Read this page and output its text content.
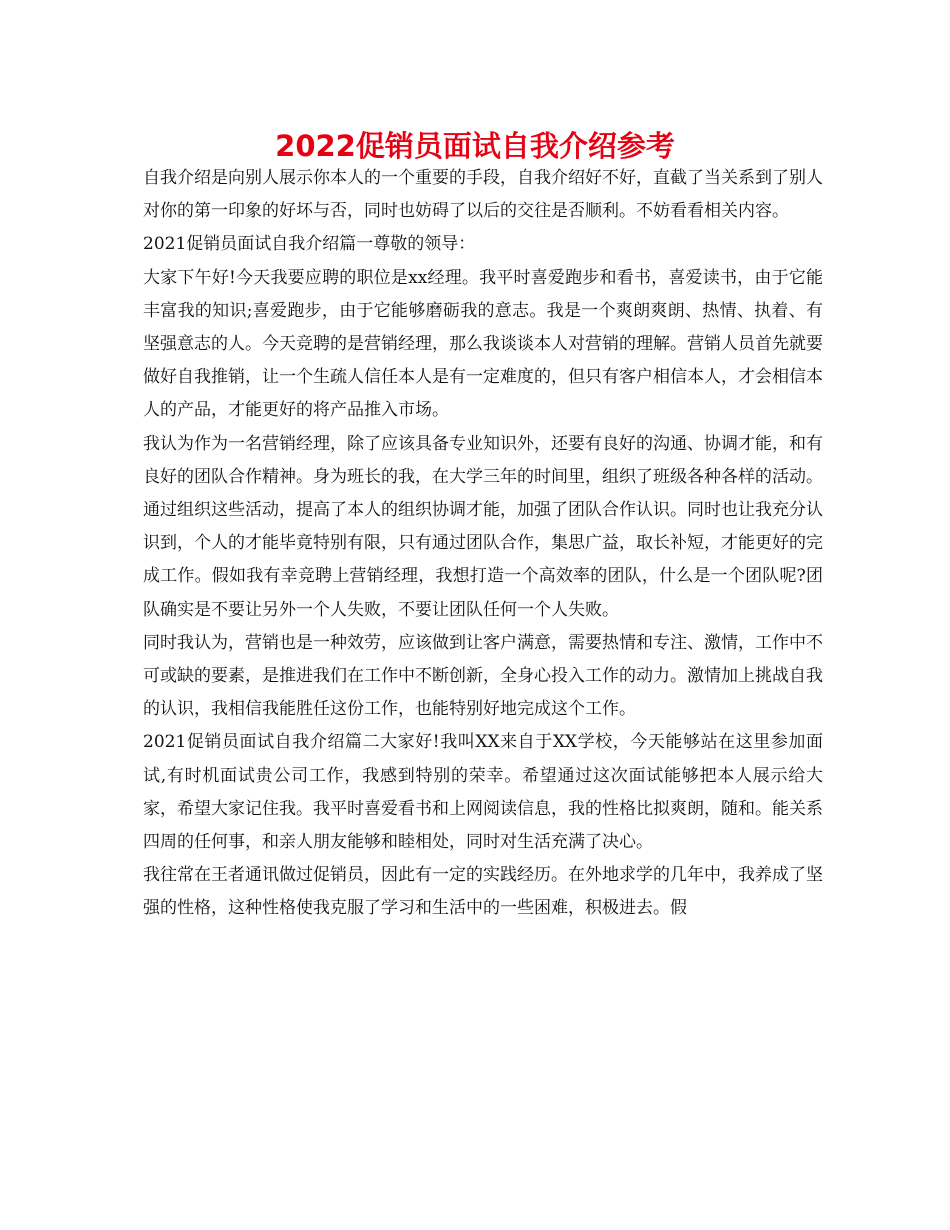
2022促销员面试自我介绍参考

自我介绍是向别人展示你本人的一个重要的手段，自我介绍好不好，直截了当关系到了别人对你的第一印象的好坏与否，同时也妨碍了以后的交往是否顺利。不妨看看相关内容。

2021促销员面试自我介绍篇一尊敬的领导：

大家下午好!今天我要应聘的职位是xx经理。我平时喜爱跑步和看书，喜爱读书，由于它能丰富我的知识;喜爱跑步，由于它能够磨砺我的意志。我是一个爽朗爽朗、热情、执着、有坚强意志的人。今天竞聘的是营销经理，那么我谈谈本人对营销的理解。营销人员首先就要做好自我推销，让一个生疏人信任本人是有一定难度的，但只有客户相信本人，才会相信本人的产品，才能更好的将产品推入市场。

我认为作为一名营销经理，除了应该具备专业知识外，还要有良好的沟通、协调才能，和有良好的团队合作精神。身为班长的我，在大学三年的时间里，组织了班级各种各样的活动。通过组织这些活动，提高了本人的组织协调才能，加强了团队合作认识。同时也让我充分认识到，个人的才能毕竟特别有限，只有通过团队合作，集思广益，取长补短，才能更好的完成工作。假如我有幸竞聘上营销经理，我想打造一个高效率的团队，什么是一个团队呢?团队确实是不要让另外一个人失败，不要让团队任何一个人失败。

同时我认为，营销也是一种效劳，应该做到让客户满意，需要热情和专注、激情，工作中不可或缺的要素，是推进我们在工作中不断创新，全身心投入工作的动力。激情加上挑战自我的认识，我相信我能胜任这份工作，也能特别好地完成这个工作。

2021促销员面试自我介绍篇二大家好!我叫XX来自于XX学校，今天能够站在这里参加面试,有时机面试贵公司工作，我感到特别的荣幸。希望通过这次面试能够把本人展示给大家，希望大家记住我。我平时喜爱看书和上网阅读信息，我的性格比拟爽朗，随和。能关系四周的任何事，和亲人朋友能够和睦相处，同时对生活充满了决心。

我往常在王者通讯做过促销员，因此有一定的实践经历。在外地求学的几年中，我养成了坚强的性格，这种性格使我克服了学习和生活中的一些困难，积极进去。假
